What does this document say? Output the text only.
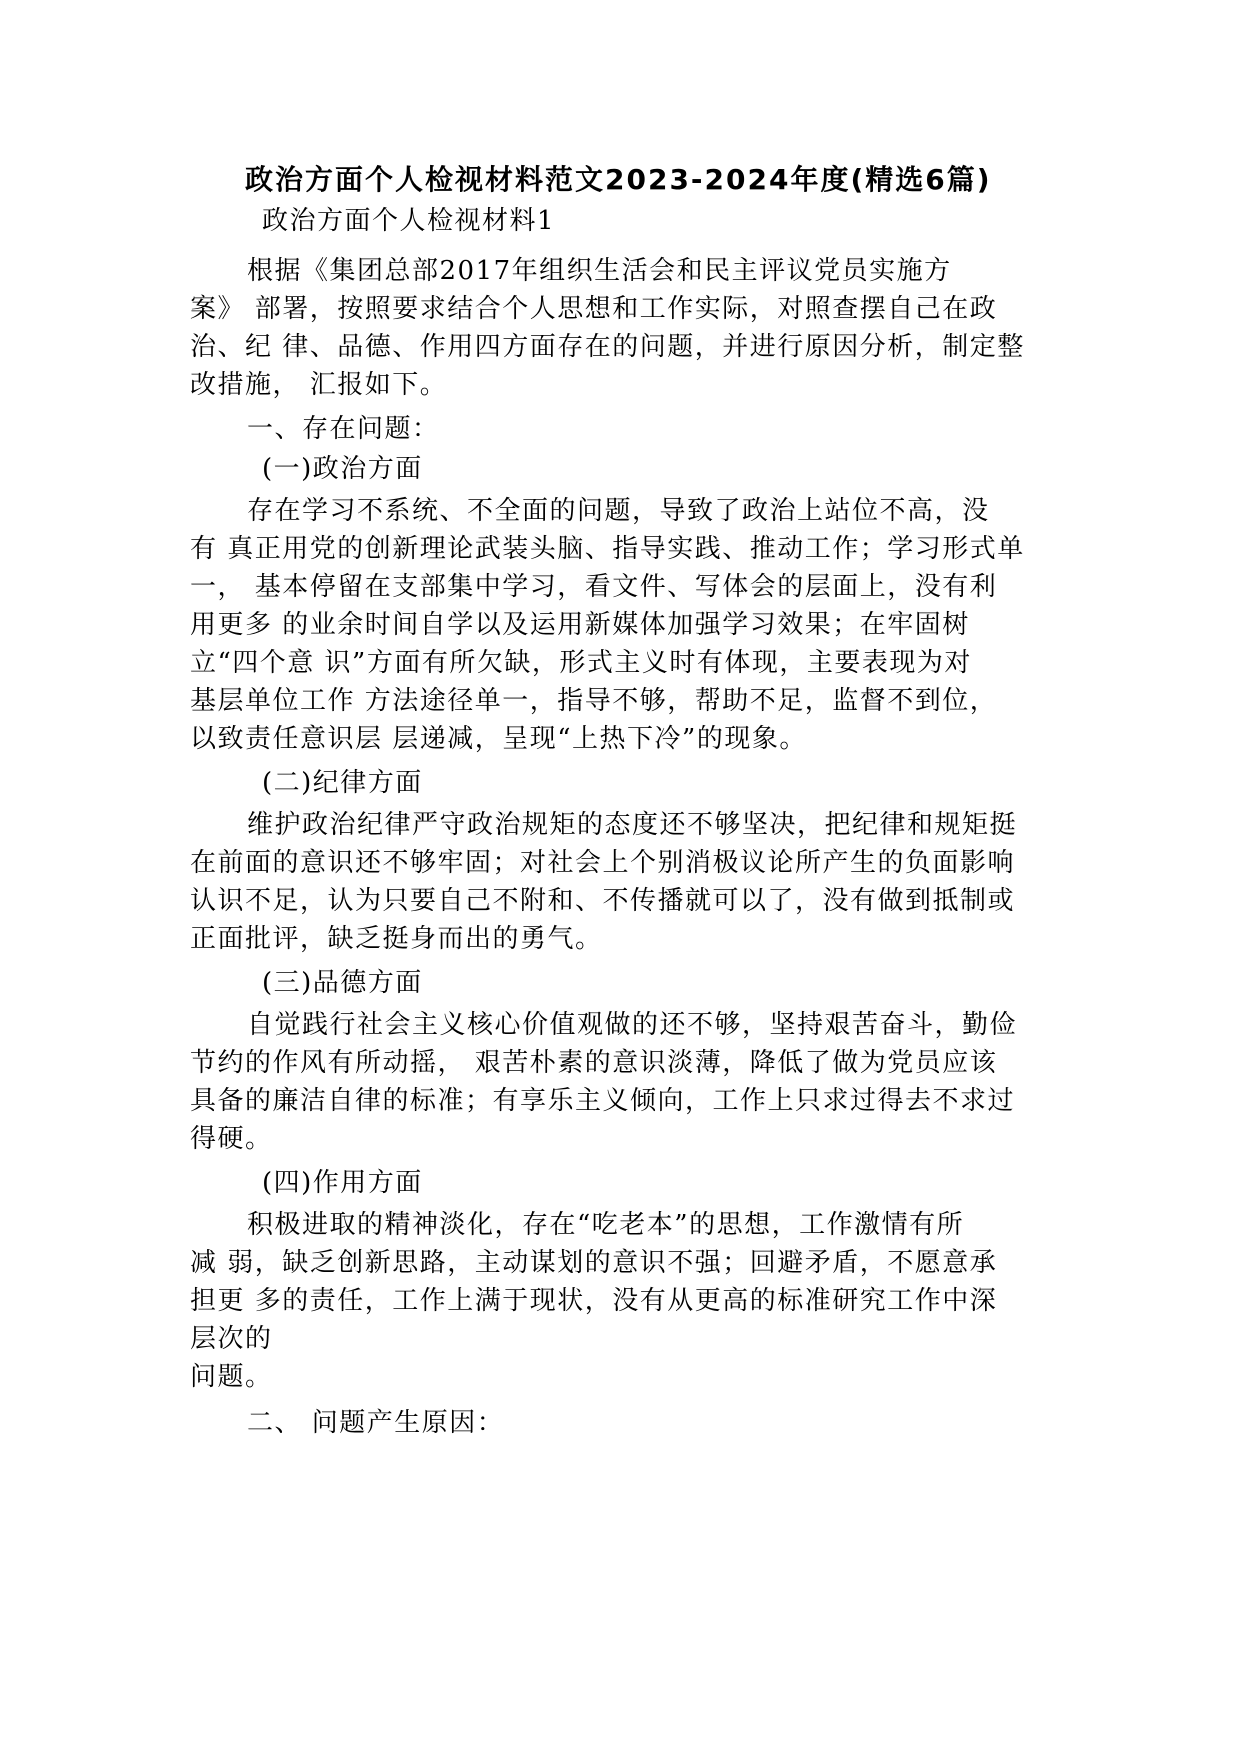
政治方面个人检视材料范文2023-2024年度(精选6篇)

政治方面个人检视材料1

根据《集团总部2017年组织生活会和民主评议党员实施方

案》 部署，按照要求结合个人思想和工作实际，对照查摆自己在政

治、纪 律、品德、作用四方面存在的问题，并进行原因分析，制定整

改措施， 汇报如下。

一、存在问题：

(一)政治方面

存在学习不系统、不全面的问题，导致了政治上站位不高，没

有 真正用党的创新理论武装头脑、指导实践、推动工作；学习形式单

一， 基本停留在支部集中学习，看文件、写体会的层面上，没有利

用更多 的业余时间自学以及运用新媒体加强学习效果；在牢固树

立“四个意 识”方面有所欠缺，形式主义时有体现，主要表现为对

基层单位工作 方法途径单一，指导不够，帮助不足，监督不到位，

以致责任意识层 层递减，呈现“上热下冷”的现象。

(二)纪律方面

维护政治纪律严守政治规矩的态度还不够坚决，把纪律和规矩挺

在前面的意识还不够牢固；对社会上个别消极议论所产生的负面影响

认识不足，认为只要自己不附和、不传播就可以了，没有做到抵制或

正面批评，缺乏挺身而出的勇气。

(三)品德方面

自觉践行社会主义核心价值观做的还不够，坚持艰苦奋斗，勤俭

节约的作风有所动摇， 艰苦朴素的意识淡薄，降低了做为党员应该

具备的廉洁自律的标准；有享乐主义倾向，工作上只求过得去不求过

得硬。

(四)作用方面

积极进取的精神淡化，存在“吃老本”的思想，工作激情有所

减 弱，缺乏创新思路，主动谋划的意识不强；回避矛盾，不愿意承

担更 多的责任，工作上满于现状，没有从更高的标准研究工作中深

层次的

问题。

二、 问题产生原因：
